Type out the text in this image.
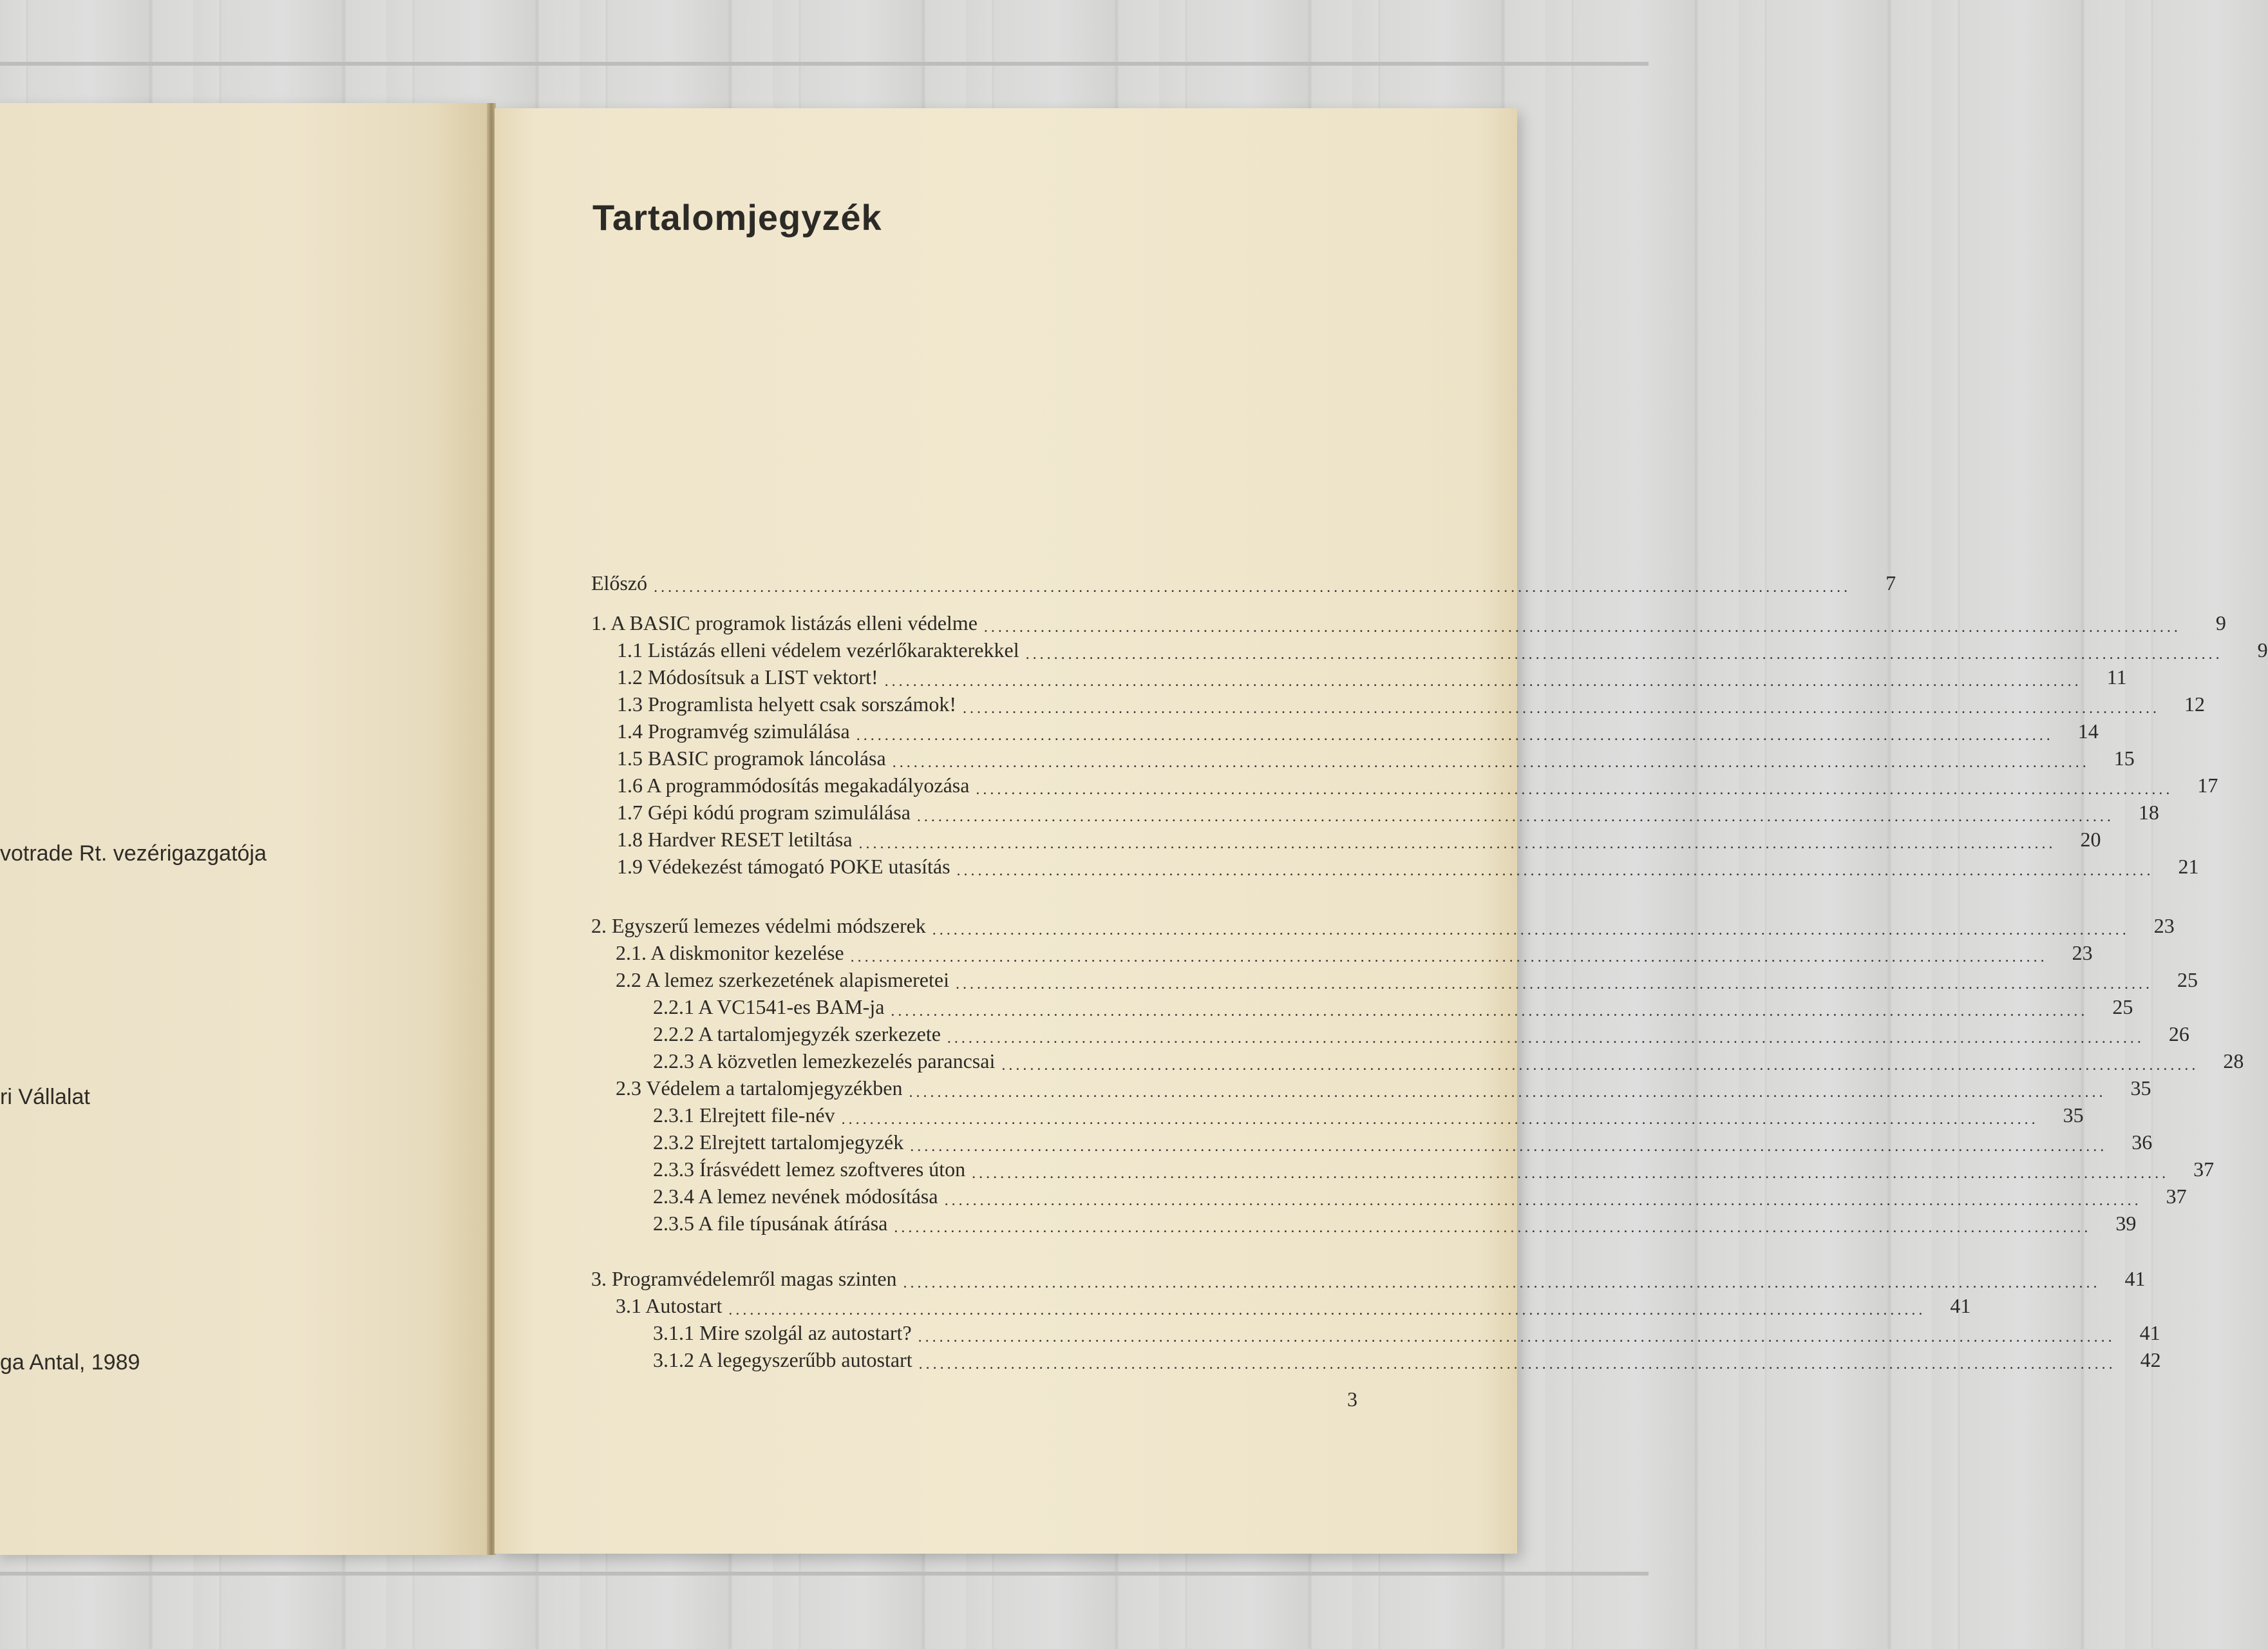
votrade Rt. vezérigazgatója
ri Vállalat
ga Antal, 1989
Tartalomjegyzék
Előszó .........................................................................................................................................................................	7
1. A BASIC programok listázás elleni védelme .........................................................................................................................................................................	9
1.1 Listázás elleni védelem vezérlőkarakterekkel .........................................................................................................................................................................	9
1.2 Módosítsuk a LIST vektort! .........................................................................................................................................................................	11
1.3 Programlista helyett csak sorszámok! .........................................................................................................................................................................	12
1.4 Programvég szimulálása .........................................................................................................................................................................	14
1.5 BASIC programok láncolása .........................................................................................................................................................................	15
1.6 A programmódosítás megakadályozása .........................................................................................................................................................................	17
1.7 Gépi kódú program szimulálása .........................................................................................................................................................................	18
1.8 Hardver RESET letiltása .........................................................................................................................................................................	20
1.9 Védekezést támogató POKE utasítás .........................................................................................................................................................................	21
2. Egyszerű lemezes védelmi módszerek .........................................................................................................................................................................	23
2.1. A diskmonitor kezelése .........................................................................................................................................................................	23
2.2 A lemez szerkezetének alapismeretei .........................................................................................................................................................................	25
2.2.1 A VC1541-es BAM-ja .........................................................................................................................................................................	25
2.2.2 A tartalomjegyzék szerkezete .........................................................................................................................................................................	26
2.2.3 A közvetlen lemezkezelés parancsai .........................................................................................................................................................................	28
2.3 Védelem a tartalomjegyzékben .........................................................................................................................................................................	35
2.3.1 Elrejtett file-név .........................................................................................................................................................................	35
2.3.2 Elrejtett tartalomjegyzék .........................................................................................................................................................................	36
2.3.3 Írásvédett lemez szoftveres úton .........................................................................................................................................................................	37
2.3.4 A lemez nevének módosítása .........................................................................................................................................................................	37
2.3.5 A file típusának átírása .........................................................................................................................................................................	39
3. Programvédelemről magas szinten .........................................................................................................................................................................	41
3.1 Autostart .........................................................................................................................................................................	41
3.1.1 Mire szolgál az autostart? .........................................................................................................................................................................	41
3.1.2 A legegyszerűbb autostart .........................................................................................................................................................................	42
3
